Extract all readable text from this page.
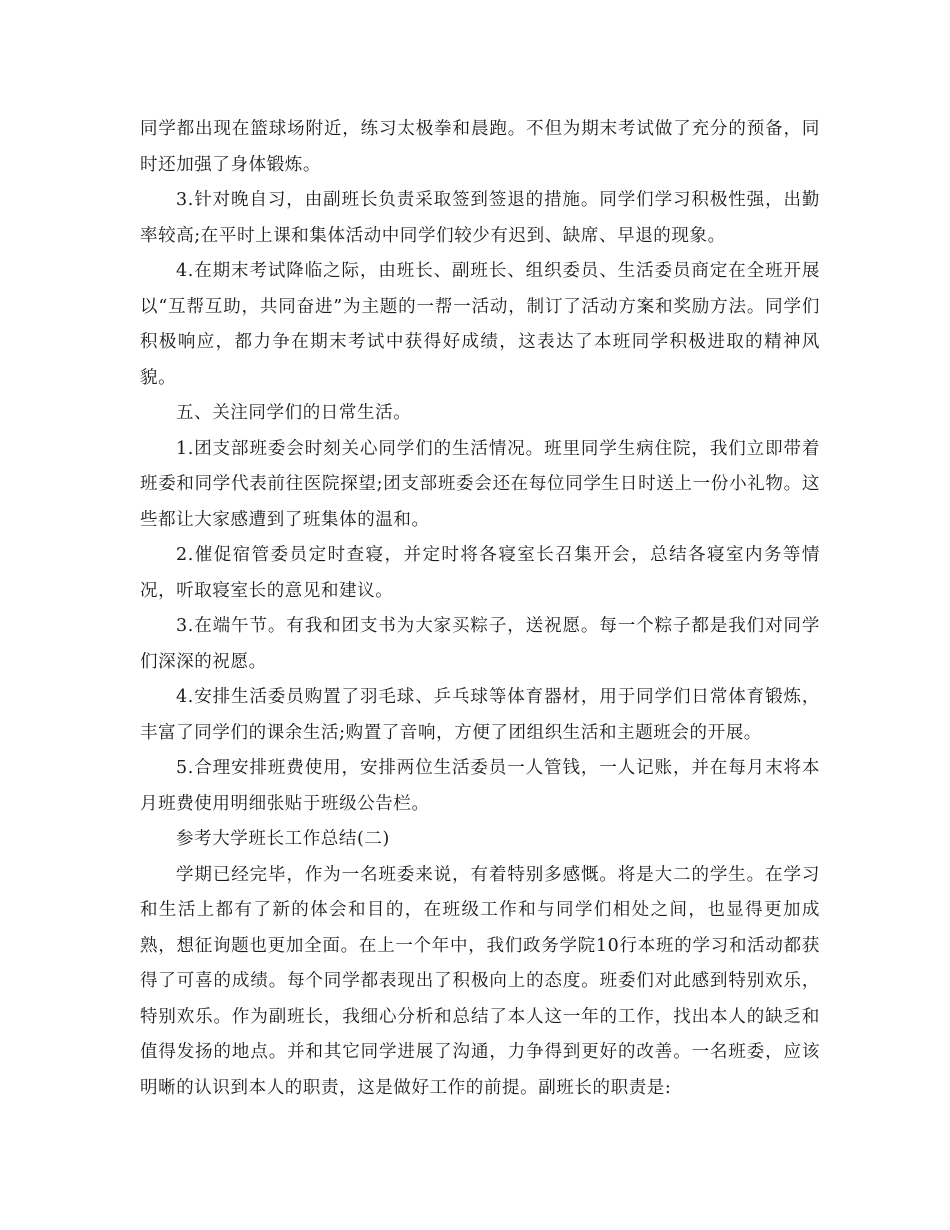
同学都出现在篮球场附近，练习太极拳和晨跑。不但为期末考试做了充分的预备，同时还加强了身体锻炼。

3.针对晚自习，由副班长负责采取签到签退的措施。同学们学习积极性强，出勤率较高;在平时上课和集体活动中同学们较少有迟到、缺席、早退的现象。

4.在期末考试降临之际，由班长、副班长、组织委员、生活委员商定在全班开展以“互帮互助，共同奋进”为主题的一帮一活动，制订了活动方案和奖励方法。同学们积极响应，都力争在期末考试中获得好成绩，这表达了本班同学积极进取的精神风貌。

五、关注同学们的日常生活。

1.团支部班委会时刻关心同学们的生活情况。班里同学生病住院，我们立即带着班委和同学代表前往医院探望;团支部班委会还在每位同学生日时送上一份小礼物。这些都让大家感遭到了班集体的温和。

2.催促宿管委员定时查寝，并定时将各寝室长召集开会，总结各寝室内务等情况，听取寝室长的意见和建议。

3.在端午节。有我和团支书为大家买粽子，送祝愿。每一个粽子都是我们对同学们深深的祝愿。

4.安排生活委员购置了羽毛球、乒乓球等体育器材，用于同学们日常体育锻炼，丰富了同学们的课余生活;购置了音响，方便了团组织生活和主题班会的开展。

5.合理安排班费使用，安排两位生活委员一人管钱，一人记账，并在每月末将本月班费使用明细张贴于班级公告栏。

参考大学班长工作总结(二)

学期已经完毕，作为一名班委来说，有着特别多感慨。将是大二的学生。在学习和生活上都有了新的体会和目的，在班级工作和与同学们相处之间，也显得更加成熟，想征询题也更加全面。在上一个年中，我们政务学院10行本班的学习和活动都获得了可喜的成绩。每个同学都表现出了积极向上的态度。班委们对此感到特别欢乐，特别欢乐。作为副班长，我细心分析和总结了本人这一年的工作，找出本人的缺乏和值得发扬的地点。并和其它同学进展了沟通，力争得到更好的改善。一名班委，应该明晰的认识到本人的职责，这是做好工作的前提。副班长的职责是:
